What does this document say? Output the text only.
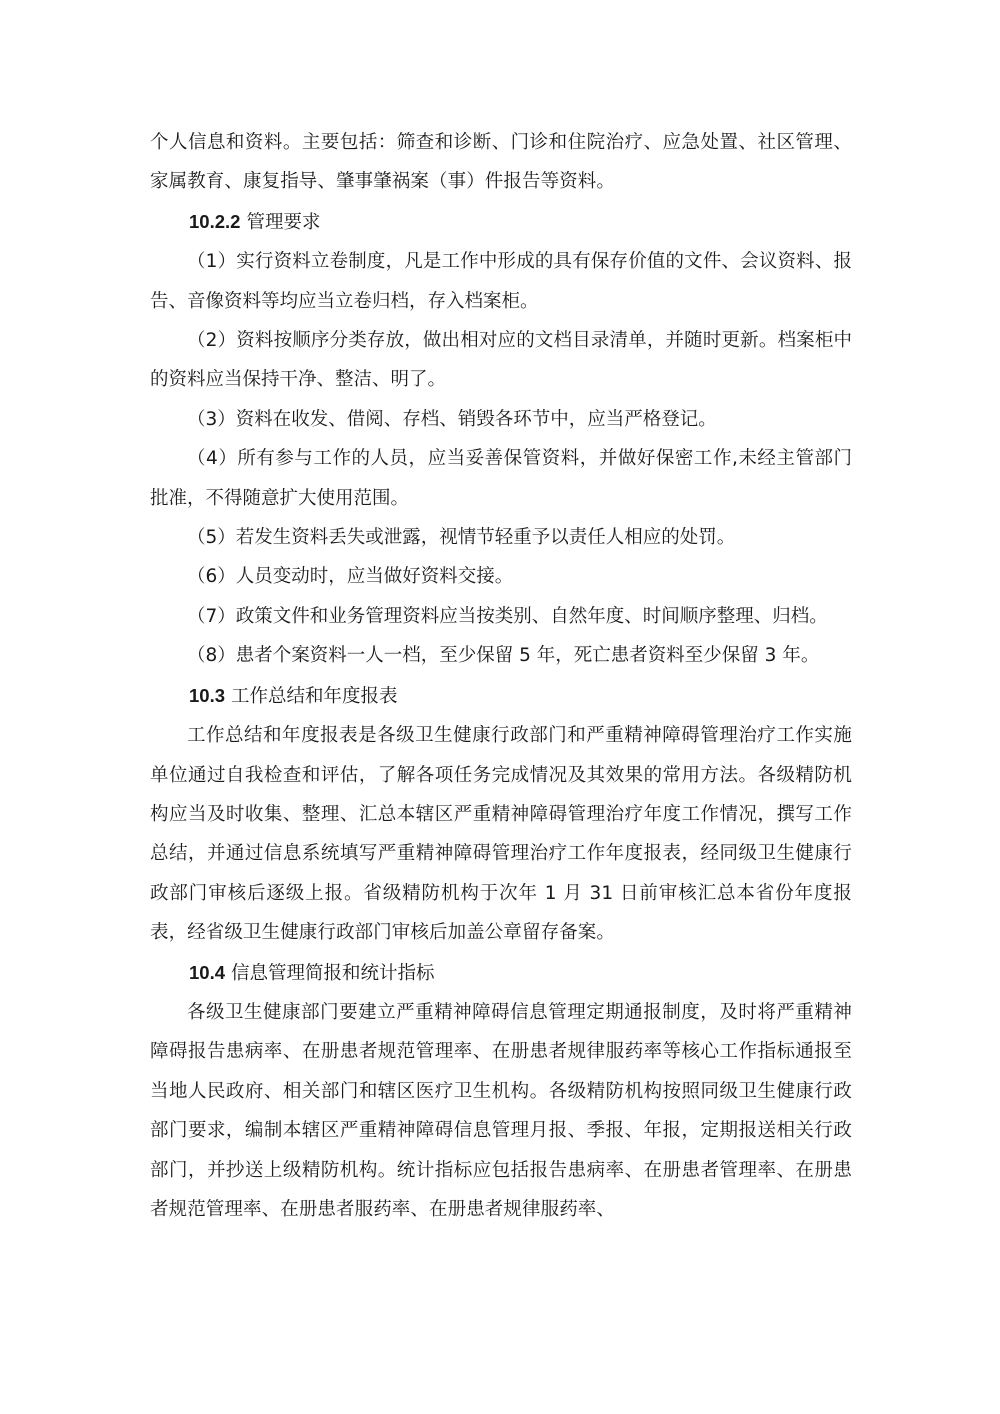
个人信息和资料。主要包括：筛查和诊断、门诊和住院治疗、应急处置、社区管理、家属教育、康复指导、肇事肇祸案（事）件报告等资料。

10.2.2 管理要求

（1）实行资料立卷制度，凡是工作中形成的具有保存价值的文件、会议资料、报告、音像资料等均应当立卷归档，存入档案柜。

（2）资料按顺序分类存放，做出相对应的文档目录清单，并随时更新。档案柜中的资料应当保持干净、整洁、明了。

（3）资料在收发、借阅、存档、销毁各环节中，应当严格登记。

（4）所有参与工作的人员，应当妥善保管资料，并做好保密工作,未经主管部门批准，不得随意扩大使用范围。

（5）若发生资料丢失或泄露，视情节轻重予以责任人相应的处罚。

（6）人员变动时，应当做好资料交接。

（7）政策文件和业务管理资料应当按类别、自然年度、时间顺序整理、归档。

（8）患者个案资料一人一档，至少保留 5 年，死亡患者资料至少保留 3 年。

10.3 工作总结和年度报表

工作总结和年度报表是各级卫生健康行政部门和严重精神障碍管理治疗工作实施单位通过自我检查和评估，了解各项任务完成情况及其效果的常用方法。各级精防机构应当及时收集、整理、汇总本辖区严重精神障碍管理治疗年度工作情况，撰写工作总结，并通过信息系统填写严重精神障碍管理治疗工作年度报表，经同级卫生健康行政部门审核后逐级上报。省级精防机构于次年 1 月 31 日前审核汇总本省份年度报表，经省级卫生健康行政部门审核后加盖公章留存备案。

10.4 信息管理简报和统计指标

各级卫生健康部门要建立严重精神障碍信息管理定期通报制度，及时将严重精神障碍报告患病率、在册患者规范管理率、在册患者规律服药率等核心工作指标通报至当地人民政府、相关部门和辖区医疗卫生机构。各级精防机构按照同级卫生健康行政部门要求，编制本辖区严重精神障碍信息管理月报、季报、年报，定期报送相关行政部门，并抄送上级精防机构。统计指标应包括报告患病率、在册患者管理率、在册患者规范管理率、在册患者服药率、在册患者规律服药率、
